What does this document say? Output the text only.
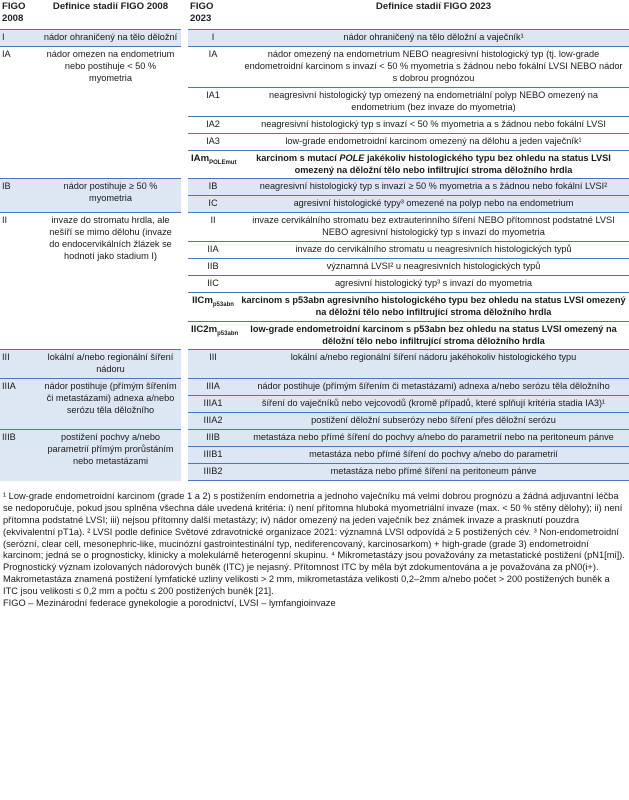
FIGO 2008	Definice stadií FIGO 2008		FIGO 2023	Definice stadií FIGO 2023
I	nádor ohraničený na tělo děložní		I	nádor ohraničený na tělo děložní a vaječník¹
IA	nádor omezen na endometrium nebo postihuje < 50 % myometria		IA	nádor omezený na endometrium NEBO neagresivní histologický typ (tj. low-grade endometroidní karcinom s invazí < 50 % myometria s žádnou nebo fokální LVSI NEBO nádor s dobrou prognózou
			IA1	neagresivní histologický typ omezený na endometriální polyp NEBO omezený na endometrium (bez invaze do myometria)
			IA2	neagresivní histologický typ s invazí < 50 % myometria a s žádnou nebo fokální LVSI
			IA3	low-grade endometroidní karcinom omezený na dělohu a jeden vaječník¹
			IAm$_{POLEmut}$	karcinom s mutací POLE jakékoliv histologického typu bez ohledu na status LVSI omezený na děložní tělo nebo infiltrující stroma děložního hrdla

IB	nádor postihuje ≥ 50 % myometria		IB	neagresivní histologický typ s invazí ≥ 50 % myometria a s žádnou nebo fokální LVSI²
			IC	agresivní histologické typy³ omezené na polyp nebo na endometrium
II	invaze do stromatu hrdla, ale nešíří se mimo dělohu (invaze do endocervikálních žlázek se hodnotí jako stadium I)		II	invaze cervikálního stromatu bez extrauterinního šíření NEBO přítomnost podstatné LVSI NEBO agresivní histologický typ s invazí do myometria
			IIA	invaze do cervikálního stromatu u neagresivních histologických typů
			IIB	významná LVSI² u neagresivních histologických typů
			IIC	agresivní histologický typ³ s invazí do myometria
			IICm$_{p53abn}$	karcinom s p53abn agresivního histologického typu bez ohledu na status LVSI omezený na děložní tělo nebo infiltrující stroma děložního hrdla
			$IIC2m_{p53abn}$	low-grade endometroidní karcinom s p53abn bez ohledu na status LVSI omezený na děložní tělo nebo infiltrující stroma děložního hrdla
III	lokální a/nebo regionální šíření nádoru		III	lokální a/nebo regionální šíření nádoru jakéhokoliv histologického typu
IIIA	nádor postihuje (přímým šířením či metastázami) adnexa a/nebo serózu těla děložního		IIIA	nádor postihuje (přímým šířením či metastázami) adnexa a/nebo serózu těla děložního
			IIIA1	šíření do vaječníků nebo vejcovodů (kromě případů, které splňují kritéria stadia IA3)¹
			IIIA2	postižení děložní subserózy nebo šíření přes děložní serózu
IIIB	postižení pochvy a/nebo parametrií přímým prorůstáním nebo metastázami		IIIB	metastáza nebo přímé šíření do pochvy a/nebo do parametrií nebo na peritoneum pánve
			IIIB1	metastáza nebo přímé šíření do pochvy a/nebo do parametrií
			IIIB2	metastáza nebo přímé šíření na peritoneum pánve

¹ Low-grade endometroidní karcinom (grade 1 a 2) s postižením endometria a jednoho vaječníku má velmi dobrou prognózu a žádná adjuvantní léčba se nedoporučuje, pokud jsou splněna všechna dále uvedená kritéria: i) není přítomna hluboká myometriální invaze (max. < 50 % stěny dělohy); ii) není přítomna podstatné LVSI; iii) nejsou přítomny další metastázy; iv) nádor omezený na jeden vaječník bez známek invaze a prasknutí pouzdra (ekvivalentní pT1a). ² LVSI podle definice Světové zdravotnické organizace 2021: významná LVSI odpovídá ≥ 5 postižených cév. ³ Non-endometroidní (serózní, clear cell, mesonephric-like, mucinózní gastrointestinální typ, nediferencovaný, karcinosarkom) + high-grade (grade 3) endometroidní karcinom; jedná se o prognosticky, klinicky a molekulárně heterogenní skupinu. ⁴ Mikrometastázy jsou považovány za metastatické postižení (pN1[mi]). Prognostický význam izolovaných nádorových buněk (ITC) je nejasný. Přítomnost ITC by měla být zdokumentována a je považována za pN0(i+). Makrometastáza znamená postižení lymfatické uzliny velikosti > 2 mm, mikrometastáza velikosti 0,2–2mm a/nebo počet > 200 postižených buněk a ITC jsou velikosti ≤ 0,2 mm a počtu ≤ 200 postižených buněk [21].

FIGO – Mezinárodní federace gynekologie a porodnictví, LVSI – lymfangioinvaze
